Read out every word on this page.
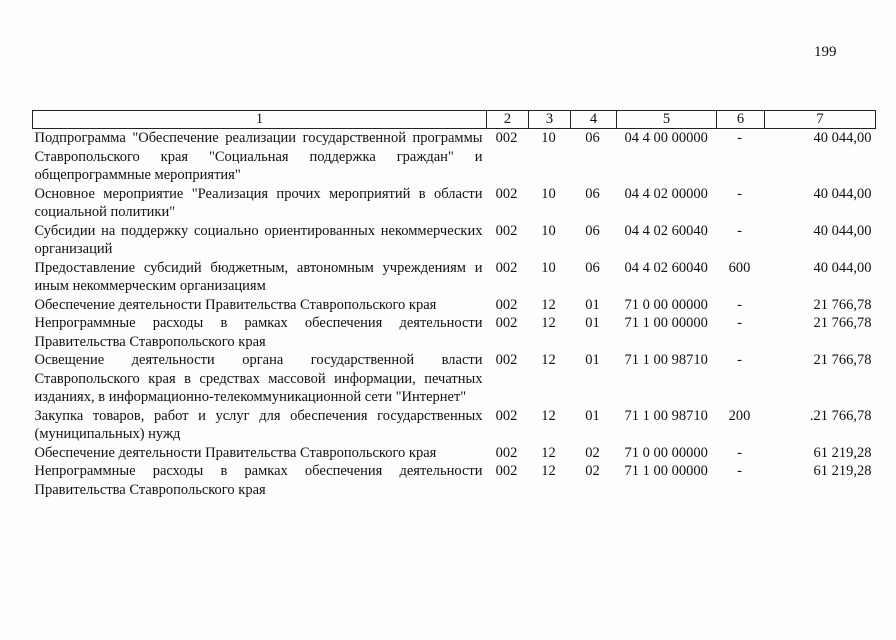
199
1	2	3	4	5	6	7
Подпрограмма "Обеспечение реализации государственной программы Ставропольского края "Социальная поддержка граждан" и общепрограммные мероприятия"	002	10	06	04 4 00 00000	-	40 044,00
Основное мероприятие "Реализация прочих мероприятий в области социальной политики"	002	10	06	04 4 02 00000	-	40 044,00
Субсидии на поддержку социально ориентированных некоммерческих организаций	002	10	06	04 4 02 60040	-	40 044,00
Предоставление субсидий бюджетным, автономным учреждениям и иным некоммерческим организациям	002	10	06	04 4 02 60040	600	40 044,00
Обеспечение деятельности Правительства Ставропольского края	002	12	01	71 0 00 00000	-	21 766,78
Непрограммные расходы в рамках обеспечения деятельности Правительства Ставропольского края	002	12	01	71 1 00 00000	-	21 766,78
Освещение деятельности органа государственной власти Ставропольского края в средствах массовой информации, печатных изданиях, в информационно-телекоммуникационной сети "Интернет"	002	12	01	71 1 00 98710	-	21 766,78
Закупка товаров, работ и услуг для обеспечения государственных (муниципальных) нужд	002	12	01	71 1 00 98710	200	.21 766,78
Обеспечение деятельности Правительства Ставропольского края	002	12	02	71 0 00 00000	-	61 219,28
Непрограммные расходы в рамках обеспечения деятельности Правительства Ставропольского края	002	12	02	71 1 00 00000	-	61 219,28
